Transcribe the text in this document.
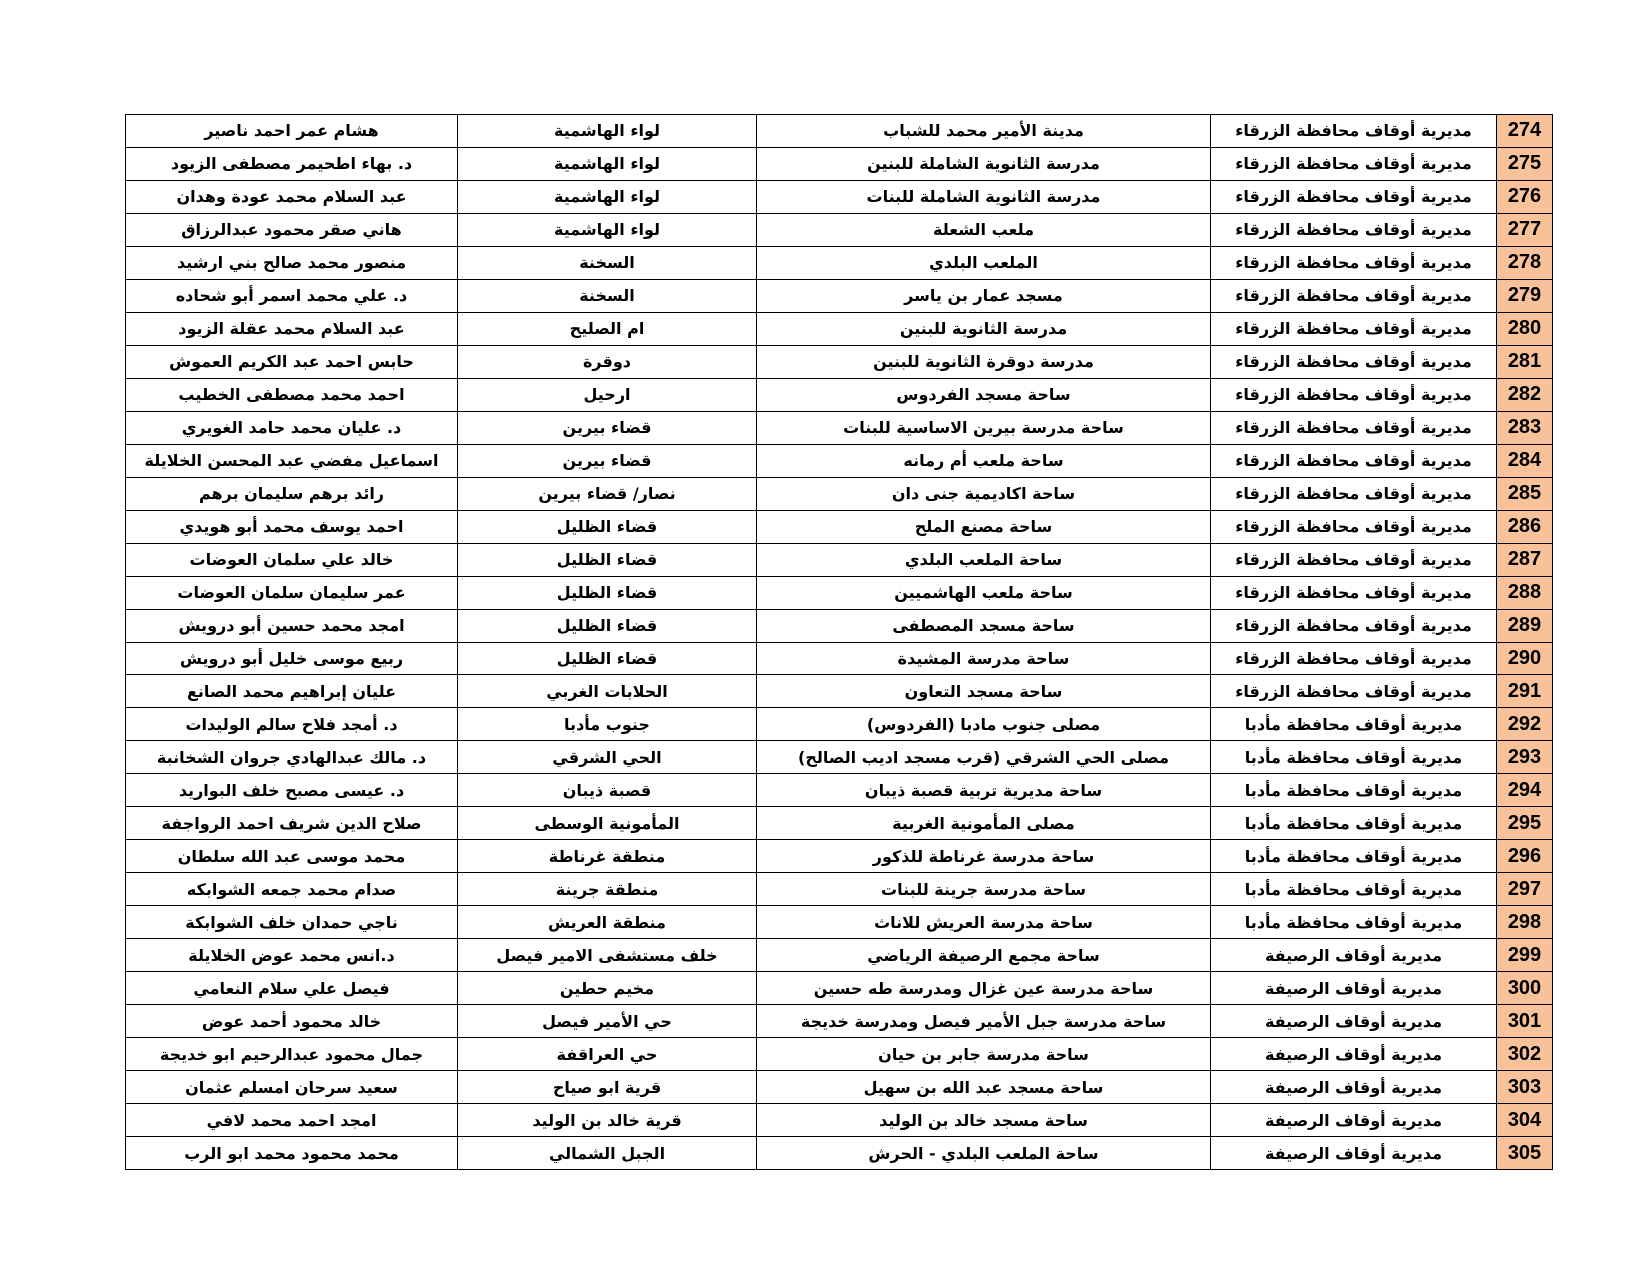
274	مديرية أوقاف محافظة الزرقاء	مدينة الأمير محمد للشباب	لواء الهاشمية	هشام عمر احمد ناصير
275	مديرية أوقاف محافظة الزرقاء	مدرسة الثانوية الشاملة للبنين	لواء الهاشمية	د. بهاء اطحيمر مصطفى الزيود
276	مديرية أوقاف محافظة الزرقاء	مدرسة الثانوية الشاملة للبنات	لواء الهاشمية	عبد السلام محمد عودة وهدان
277	مديرية أوقاف محافظة الزرقاء	ملعب الشعلة	لواء الهاشمية	هاني صقر محمود عبدالرزاق
278	مديرية أوقاف محافظة الزرقاء	الملعب البلدي	السخنة	منصور محمد صالح بني ارشيد
279	مديرية أوقاف محافظة الزرقاء	مسجد عمار بن ياسر	السخنة	د. علي محمد اسمر أبو شحاده
280	مديرية أوقاف محافظة الزرقاء	مدرسة الثانوية للبنين	ام الصليح	عبد السلام محمد عقلة الزيود
281	مديرية أوقاف محافظة الزرقاء	مدرسة دوقرة الثانوية للبنين	دوقرة	حابس احمد عبد الكريم العموش
282	مديرية أوقاف محافظة الزرقاء	ساحة مسجد الفردوس	ارحيل	احمد محمد مصطفى الخطيب
283	مديرية أوقاف محافظة الزرقاء	ساحة مدرسة بيرين الاساسية للبنات	قضاء بيرين	د. عليان محمد حامد الغويري
284	مديرية أوقاف محافظة الزرقاء	ساحة ملعب أم رمانه	قضاء بيرين	اسماعيل مفضي عبد المحسن الخلايلة
285	مديرية أوقاف محافظة الزرقاء	ساحة اكاديمية جنى دان	نصار/ قضاء بيرين	رائد برهم سليمان برهم
286	مديرية أوقاف محافظة الزرقاء	ساحة مصنع الملح	قضاء الظليل	احمد يوسف محمد أبو هويدي
287	مديرية أوقاف محافظة الزرقاء	ساحة الملعب البلدي	قضاء الظليل	خالد علي سلمان العوضات
288	مديرية أوقاف محافظة الزرقاء	ساحة ملعب الهاشميين	قضاء الظليل	عمر سليمان سلمان العوضات
289	مديرية أوقاف محافظة الزرقاء	ساحة مسجد المصطفى	قضاء الظليل	امجد محمد حسين أبو درويش
290	مديرية أوقاف محافظة الزرقاء	ساحة مدرسة المشيدة	قضاء الظليل	ربيع موسى خليل أبو درويش
291	مديرية أوقاف محافظة الزرقاء	ساحة مسجد التعاون	الحلابات الغربي	عليان إبراهيم محمد الصانع
292	مديرية أوقاف محافظة مأدبا	مصلى جنوب مادبا (الفردوس)	جنوب مأدبا	د. أمجد فلاح سالم الوليدات
293	مديرية أوقاف محافظة مأدبا	مصلى الحي الشرقي (قرب مسجد اديب الصالح)	الحي الشرقي	د. مالك عبدالهادي جروان الشخانبة
294	مديرية أوقاف محافظة مأدبا	ساحة مديرية تربية قصبة ذيبان	قصبة ذيبان	د. عيسى مصبح خلف البواريد
295	مديرية أوقاف محافظة مأدبا	مصلى المأمونية الغربية	المأمونية الوسطى	صلاح الدين شريف احمد الرواجفة
296	مديرية أوقاف محافظة مأدبا	ساحة مدرسة غرناطة للذكور	منطقة غرناطة	محمد موسى عبد الله سلطان
297	مديرية أوقاف محافظة مأدبا	ساحة مدرسة جرينة للبنات	منطقة جرينة	صدام محمد جمعه الشوابكه
298	مديرية أوقاف محافظة مأدبا	ساحة مدرسة العريش للاناث	منطقة العريش	ناجي حمدان خلف الشوابكة
299	مديرية أوقاف الرصيفة	ساحة مجمع الرصيفة الرياضي	خلف مستشفى الامير فيصل	د.انس محمد عوض الخلايلة
300	مديرية أوقاف الرصيفة	ساحة مدرسة عين غزال ومدرسة طه حسين	مخيم حطين	فيصل علي سلام النعامي
301	مديرية أوقاف الرصيفة	ساحة مدرسة جبل الأمير فيصل ومدرسة خديجة	حي الأمير فيصل	خالد محمود أحمد عوض
302	مديرية أوقاف الرصيفة	ساحة مدرسة جابر بن حيان	حي العراقفة	جمال محمود عبدالرحيم ابو خديجة
303	مديرية أوقاف الرصيفة	ساحة مسجد عبد الله بن سهيل	قرية ابو صياح	سعيد سرحان امسلم عثمان
304	مديرية أوقاف الرصيفة	ساحة مسجد خالد بن الوليد	قرية خالد بن الوليد	امجد احمد محمد لافي
305	مديرية أوقاف الرصيفة	ساحة الملعب البلدي - الحرش	الجبل الشمالي	محمد محمود محمد ابو الرب
